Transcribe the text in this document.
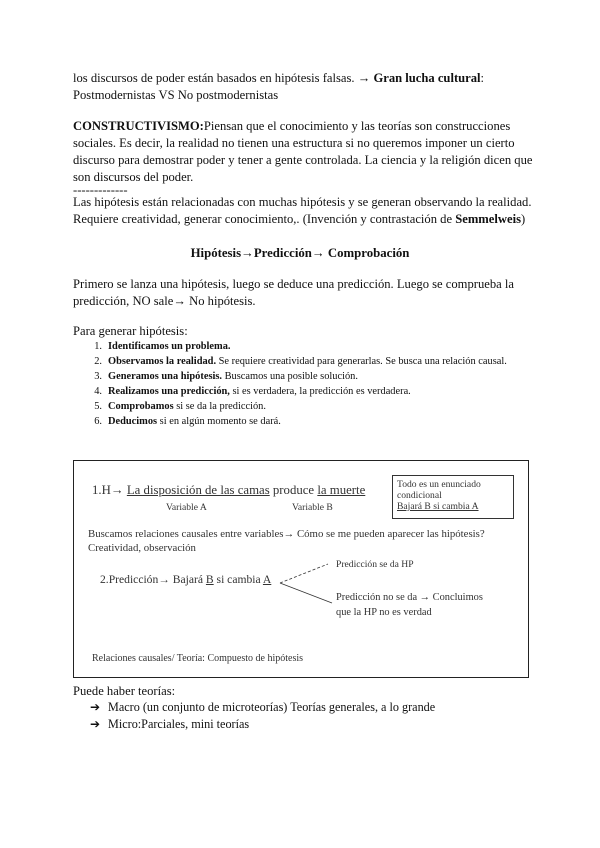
los discursos de poder están basados en hipótesis falsas. → Gran lucha cultural:
Postmodernistas VS No postmodernistas
CONSTRUCTIVISMO:Piensan que el conocimiento y las teorías son construcciones sociales. Es decir, la realidad no tienen una estructura si no queremos imponer un cierto discurso para demostrar poder y tener a gente controlada. La ciencia y la religión dicen que son discursos del poder.
-------------
Las hipótesis están relacionadas con muchas hipótesis y se generan observando la realidad. Requiere creatividad, generar conocimiento,. (Invención y contrastación de Semmelweis)
Hipótesis→Predicción→ Comprobación
Primero se lanza una hipótesis, luego se deduce una predicción. Luego se comprueba la predicción, NO sale→ No hipótesis.
Para generar hipótesis:
1. Identificamos un problema.
2. Observamos la realidad. Se requiere creatividad para generarlas. Se busca una relación causal.
3. Generamos una hipótesis. Buscamos una posible solución.
4. Realizamos una predicción, si es verdadera, la predicción es verdadera.
5. Comprobamos si se da la predicción.
6. Deducimos si en algún momento se dará.
1.H→ La disposición de las camas produce la muerte
Variable A	Variable B
Todo es un enunciado
condicional
Bajará B si cambia A
Buscamos relaciones causales entre variables→ Cómo se me pueden aparecer las hipótesis?
Creatividad, observación
2.Predicción→ Bajará B si cambia A
Predicción se da HP
Predicción no se da → Concluimos
que la HP no es verdad
Relaciones causales/ Teoría: Compuesto de hipótesis
Puede haber teorías:
➔ Macro (un conjunto de microteorías) Teorías generales, a lo grande
➔ Micro:Parciales, mini teorías
